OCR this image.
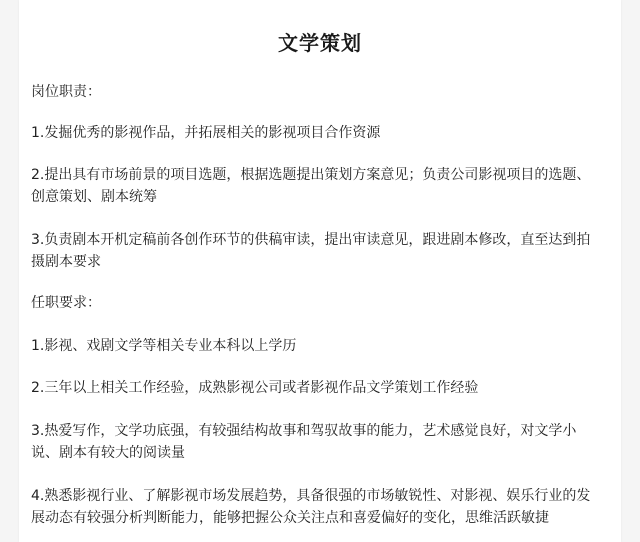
文学策划
岗位职责：
1.发掘优秀的影视作品，并拓展相关的影视项目合作资源
2.提出具有市场前景的项目选题，根据选题提出策划方案意见；负责公司影视项目的选题、
创意策划、剧本统筹
3.负责剧本开机定稿前各创作环节的供稿审读，提出审读意见，跟进剧本修改，直至达到拍
摄剧本要求
任职要求：
1.影视、戏剧文学等相关专业本科以上学历
2.三年以上相关工作经验，成熟影视公司或者影视作品文学策划工作经验
3.热爱写作，文学功底强，有较强结构故事和驾驭故事的能力，艺术感觉良好，对文学小
说、剧本有较大的阅读量
4.熟悉影视行业、了解影视市场发展趋势，具备很强的市场敏锐性、对影视、娱乐行业的发
展动态有较强分析判断能力，能够把握公众关注点和喜爱偏好的变化，思维活跃敏捷
